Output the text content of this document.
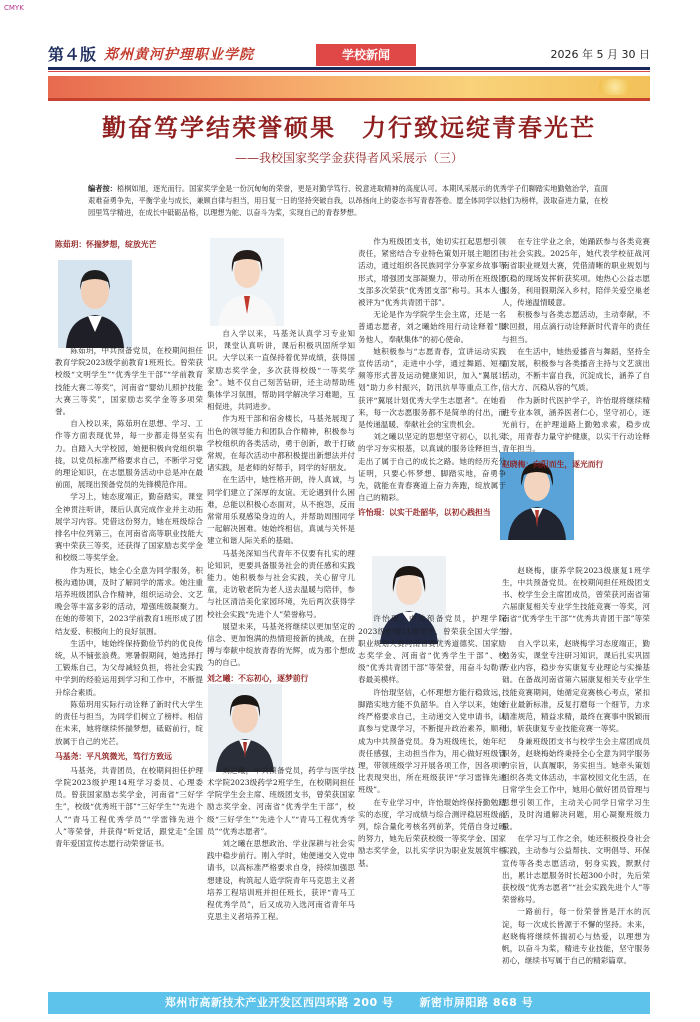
CMYK
第４版 郑州黄河护理职业学院	学校新闻	2026 年 5 月 30 日
勤奋笃学结荣誉硕果　力行致远绽青春光芒
——我校国家奖学金获得者风采展示（三）
编者按：梧桐如旭，逐光而行。国家奖学金是一份沉甸甸的荣誉，更是对勤学笃行、锐意进取精神的高度认可。本期风采展示的优秀学子们聊踏实地勤勉治学，直面艰难奋勇争先，平衡学业与成长，兼顾自律与担当，用日复一日的坚持突破自我，以昂扬向上的姿态书写青春答卷。愿全体同学以他们为榜样，汲取奋进力量，在校园里笃学精进，在成长中砥砺品格，以理想为舵、以奋斗为桨，实现自己的青春梦想。
陈茹玥：怀揣梦想，绽放光芒

陈茹玥，中共预备党员，在校期间担任教育学院2023级学前教育1班班长。曾荣获校级“文明学生”“优秀学生干部”“学前教育技能大赛二等奖”，河南省“婴幼儿照护技能大赛三等奖”，国家励志奖学金等多项荣誉。

自入校以来，陈茹玥在思想、学习、工作等方面表现优异，每一步都走得坚实有力。自踏入大学校园，她便积极向党组织靠拢，以党员标准严格要求自己，不断学习党的理论知识，在志愿服务活动中总是冲在最前面，展现出预备党员的先锋模范作用。

学习上，她态度端正，勤奋踏实，课堂全神贯注听讲，课后认真完成作业并主动拓展学习内容。凭借这份努力，她在班级综合排名中位列第三，在河南省高等职业技能大赛中荣获三等奖，还获得了国家励志奖学金和校级二等奖学金。

作为班长，她全心全意为同学服务，积极沟通协调，及时了解同学的需求。她注重培养班级团队合作精神，组织运动会、文艺晚会等丰富多彩的活动，增强班级凝聚力。在她的带领下，2023学前教育1班形成了团结友爱、积极向上的良好氛围。

生活中，她始终保持勤俭节约的优良传统，从不铺张浪费。寒暑假期间，她选择打工锻炼自己，为父母减轻负担，将社会实践中学到的经验运用到学习和工作中，不断提升综合素质。

陈茹玥用实际行动诠释了新时代大学生的责任与担当，为同学们树立了榜样。相信在未来，她将继续怀揣梦想，砥砺前行，绽放属于自己的光芒。

马基尧：平凡筑微光，笃行方致远

马基尧，共青团员，在校期间担任护理学院2023级护理14班学习委员、心理委员。曾获国家励志奖学金，河南省“三好学生”，校级“优秀班干部”“三好学生”“先进个人”“青马工程优秀学员”“学雷锋先进个人”等荣誉，并获得“听党话，跟党走”全国青年爱国宣传志愿行动荣誉证书。

自入学以来，马基尧认真学习专业知识，课堂认真听讲，课后积极巩固所学知识。大学以来一直保持着优异成绩，获得国家励志奖学金，多次获得校级“一等奖学金”。她不仅自己刻苦钻研，还主动帮助班集体学习氛围，帮助同学解决学习难题，互相促进，共同进步。

作为班干部和宿舍楼长，马基尧展现了出色的领导能力和团队合作精神，积极参与学校组织的各类活动，勇于创新，敢于打破常规，在每次活动中都积极提出新想法并付诸实践，是老师的好帮手，同学的好朋友。

在生活中，她性格开朗，待人真诚，与同学们建立了深厚的友谊。无论遇到什么困难，总能以积极心态面对，从不抱怨，反而常常用乐观感染身边的人，并帮助周围同学一起解决困难。她始终相信，真诚与关怀是建立和谐人际关系的基础。

马基尧深知当代青年不仅要有扎实的理论知识，更要具备服务社会的责任感和实践能力。她积极参与社会实践，关心留守儿童，走访敬老院为老人送去温暖与陪伴，参与社区清洁美化家园环境，先后两次获得学校社会实践“先进个人”荣誉称号。

展望未来，马基尧将继续以更加坚定的信念、更加饱满的热情迎接新的挑战，在拼搏与奉献中绽放青春的光辉，成为那个想成为的自己。

刘之曦：不忘初心，逐梦前行

刘之曦，中共预备党员，药学与医学技术学院2023级药学2班学生，在校期间担任学院学生会主席、班级团支书，曾荣获国家励志奖学金、河南省“优秀学生干部”，校级“三好学生”“先进个人”“青马工程优秀学员”“优秀志愿者”。

刘之曦在思想政治、学业深耕与社会实践中稳步前行。刚入学时，她便递交入党申请书，以高标准严格要求自身，持续加强思想建设，构筑起人造学院青年马克思主义者培养工程培训班并担任班长，获评“青马工程优秀学员”，后又成功入选河南省青年马克思主义者培养工程。

作为班级团支书，她切实扛起思想引领责任，紧密结合专业特色策划开展主题团日活动，通过组织各民族同学分享家乡故事等形式，增强团支部凝聚力，带动所在班级团支部多次荣获“优秀团支部”称号。其本人也被评为“优秀共青团干部”。

无论是作为学院学生会主席，还是一名普通志愿者，刘之曦始终用行动诠释着“服务他人，奉献集体”的初心使命。

她积极参与“志愿青春，宣讲运动实践宣传活动”，走进中小学，通过舞蹈、短视频等形式普及运动健康知识，加入“翼展计划”助力乡村振兴，防汛抗旱等重点工作，获评“翼展计划优秀大学生志愿者”。在她看来，每一次志愿服务都不是简单的付出，而是传递温暖、奉献社会的宝贵机会。

刘之曦以坚定的思想坚守初心，以扎实的学习夯实根基，以真诚的服务诠释担当，走出了属于自己的成长之路。她的经历充分证明，只要心怀梦想、脚踏实地，奋勇争先，就能在青春赛道上奋力奔跑，绽放属于自己的精彩。

许怡琨：以实干赴韶华，以初心践担当

许怡琨，中共预备党员，护理学院2023级护理11班学生，曾荣获全国大学生职业规划大赛河南省赛优秀道德奖、国家励志奖学金、河南省“优秀学生干部”、校级“优秀共青团干部”等荣誉，用奋斗勾勒青春最美模样。

许怡琨坚信，心怀理想方能行稳致远，脚踏实地方能不负韶华。自入学以来，她始终严格要求自己，主动递交入党申请书，认真参与党课学习，不断提升政治素养，顺利成为中共预备党员。身为班级班长，她年纪责任感强，主动担当作为，用心做好班级管理，带领班级学习开展各项工作，因各项评比表现突出，所在班级获评“学习雷锋先进班级”。

在专业学习中，许怡琨始终保持勤勉踏实的态度，学习成绩与综合测评稳居班级前列，综合量化考核名列前茅，凭借自身过硬的努力，她先后荣获校级一等奖学金、国家励志奖学金，以扎实学识为职业发展筑牢根基。

在专注学业之余，她踊跃参与各类竞赛与社会实践。2025年，她代表学校征战河南省职业规划大赛，凭借清晰的职业规划与沉稳的现场发挥斩获奖项。她热心公益志愿服务，利用假期深入乡村，陪伴关爱空巢老人，传递温情暖意。

积极参与各类志愿活动，主动奉献，不求回报，用点滴行动诠释新时代青年的责任与担当。

在生活中，她热爱播音与舞蹈，坚持全面发展，积极参与各类播音主持与文艺演出活动，不断丰富自我，沉淀成长，涵养了自信大方、沉稳从容的气质。

作为新时代医护学子，许怡琨将继续精进专业本领，涵养医者仁心，坚守初心，逐光前行，在护理道路上勤勉求索，稳步成长，用青春力量守护健康，以实干行动诠释青年担当。

赵晓梅：向阳而生，逐光而行

赵晓梅，康养学院2023级康复1班学生，中共预备党员。在校期间担任班级团支书、校学生会主席团成员，曾荣获河南省第六届康复相关专业学生技能竞赛一等奖，河南省“优秀学生干部”“优秀共青团干部”等荣誉。

自入学以来，赵晓梅学习态度端正，勤勉务实，课堂专注研习知识，课后扎实巩固专业内容，稳步夯实康复专业理论与实操基础。在备战河南省第六届康复相关专业学生技能竞赛期间，她循定竞赛核心考点，紧扣行业最新标准，反复打磨每一个细节，力求精准规范，精益求精，最终在赛事中脱颖而出，斩获康复专业技能竞赛一等奖。

身兼班级团支书与校学生会主席团成员职务，赵晓梅始终秉持全心全意为同学服务的宗旨，认真履职，务实担当。她牵头策划组织各类文体活动，丰富校园文化生活，在日常学生会工作中，她用心做好团员管理与思想引领工作，主动关心同学日常学习生活，及时沟通解决问题，用心凝聚班级力量。

在学习与工作之余，她还积极投身社会实践，主动参与公益帮扶、文明倡导、环保宣传等各类志愿活动，躬身实践，默默付出，累计志愿服务时长超300小时，先后荣获校级“优秀志愿者”“社会实践先进个人”等荣誉称号。

一路前行，每一份荣誉皆是汗水的沉淀，每一次成长皆源于不懈的坚持。未来，赵晓梅将继续怀揣初心与热爱，以理想为帆，以奋斗为桨，精进专业技能，坚守服务初心，继续书写属于自己的精彩篇章。

郑州市高新技术产业开发区西四环路 200 号 新密市屏阳路 868 号
